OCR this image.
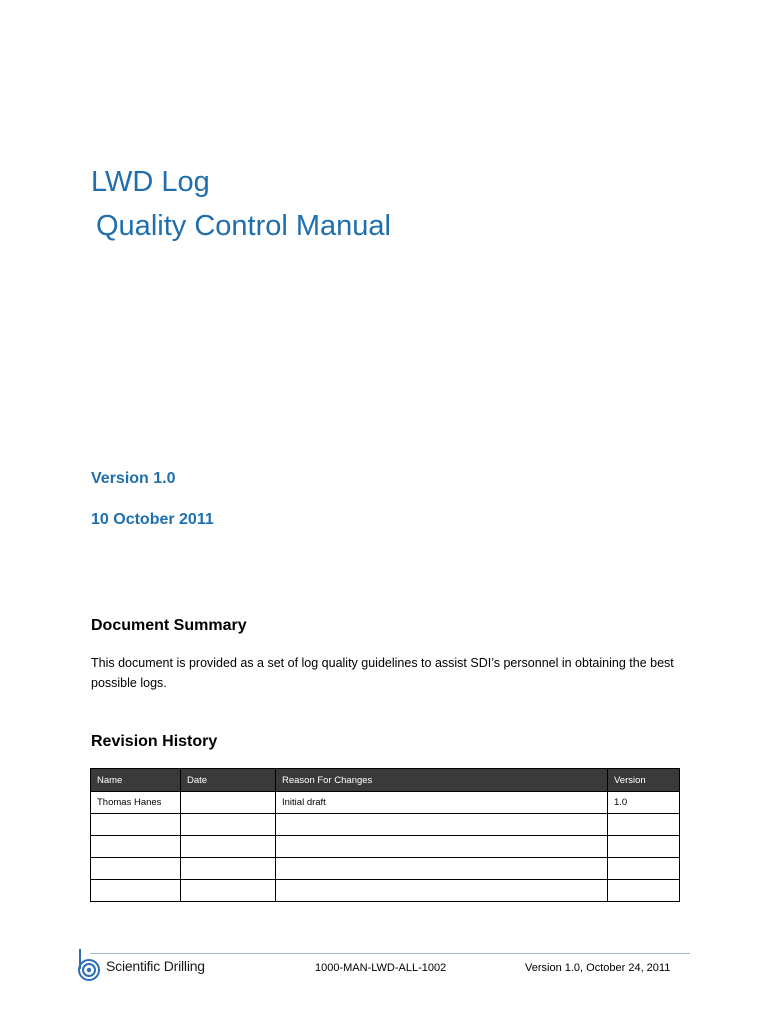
LWD Log
Quality Control Manual

Version 1.0

10 October 2011

Document Summary

This document is provided as a set of log quality guidelines to assist SDI’s personnel in obtaining the best possible logs.

Revision History
Name	Date	Reason For Changes	Version
Thomas Hanes		Initial draft	1.0

Scientific Drilling	1000-MAN-LWD-ALL-1002	Version 1.0, October 24, 2011
